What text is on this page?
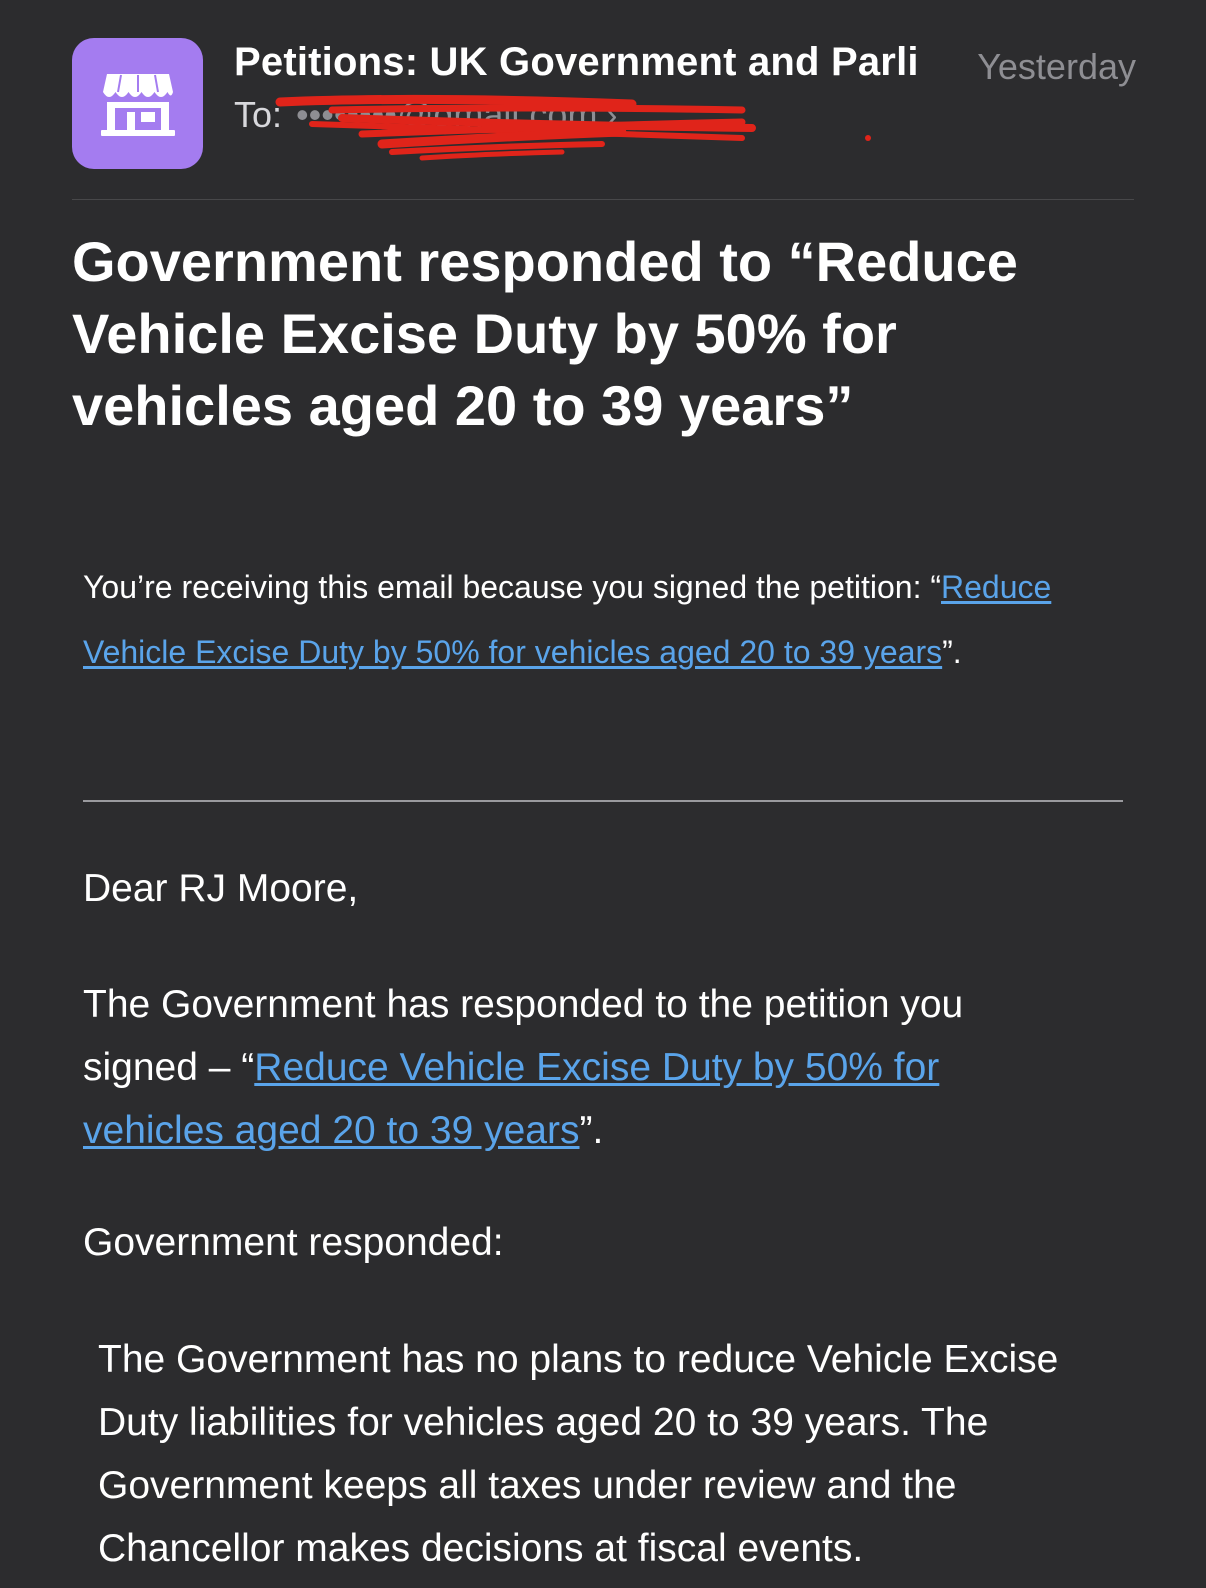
Petitions: UK Government and Parli Yesterday
To: ••••••••@gmail.com ›
Government responded to “Reduce Vehicle Excise Duty by 50% for vehicles aged 20 to 39 years”

You’re receiving this email because you signed the petition: “Reduce Vehicle Excise Duty by 50% for vehicles aged 20 to 39 years”.

Dear RJ Moore,

The Government has responded to the petition you signed – “Reduce Vehicle Excise Duty by 50% for vehicles aged 20 to 39 years”.

Government responded:

The Government has no plans to reduce Vehicle Excise Duty liabilities for vehicles aged 20 to 39 years. The Government keeps all taxes under review and the Chancellor makes decisions at fiscal events.
